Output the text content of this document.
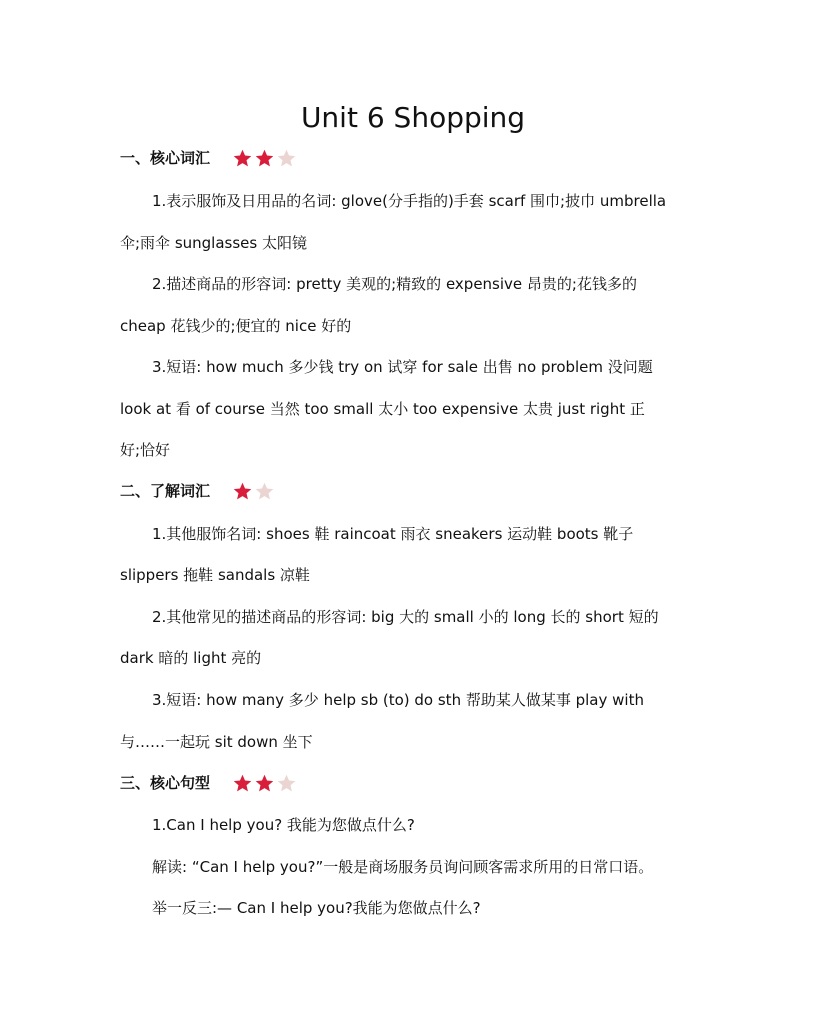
Unit 6 Shopping
一、核心词汇
1.表示服饰及日用品的名词: glove(分手指的)手套 scarf 围巾;披巾 umbrella
伞;雨伞 sunglasses 太阳镜
2.描述商品的形容词: pretty 美观的;精致的 expensive 昂贵的;花钱多的
cheap 花钱少的;便宜的 nice 好的
3.短语: how much 多少钱 try on 试穿 for sale 出售 no problem 没问题
look at 看 of course 当然 too small 太小 too expensive 太贵 just right 正
好;恰好
二、了解词汇
1.其他服饰名词: shoes 鞋 raincoat 雨衣 sneakers 运动鞋 boots 靴子
slippers 拖鞋 sandals 凉鞋
2.其他常见的描述商品的形容词: big 大的 small 小的 long 长的 short 短的
dark 暗的 light 亮的
3.短语: how many 多少 help sb (to) do sth 帮助某人做某事 play with
与……一起玩 sit down 坐下
三、核心句型
1.Can I help you? 我能为您做点什么?
解读: “Can I help you?”一般是商场服务员询问顾客需求所用的日常口语。
举一反三:— Can I help you?我能为您做点什么?
